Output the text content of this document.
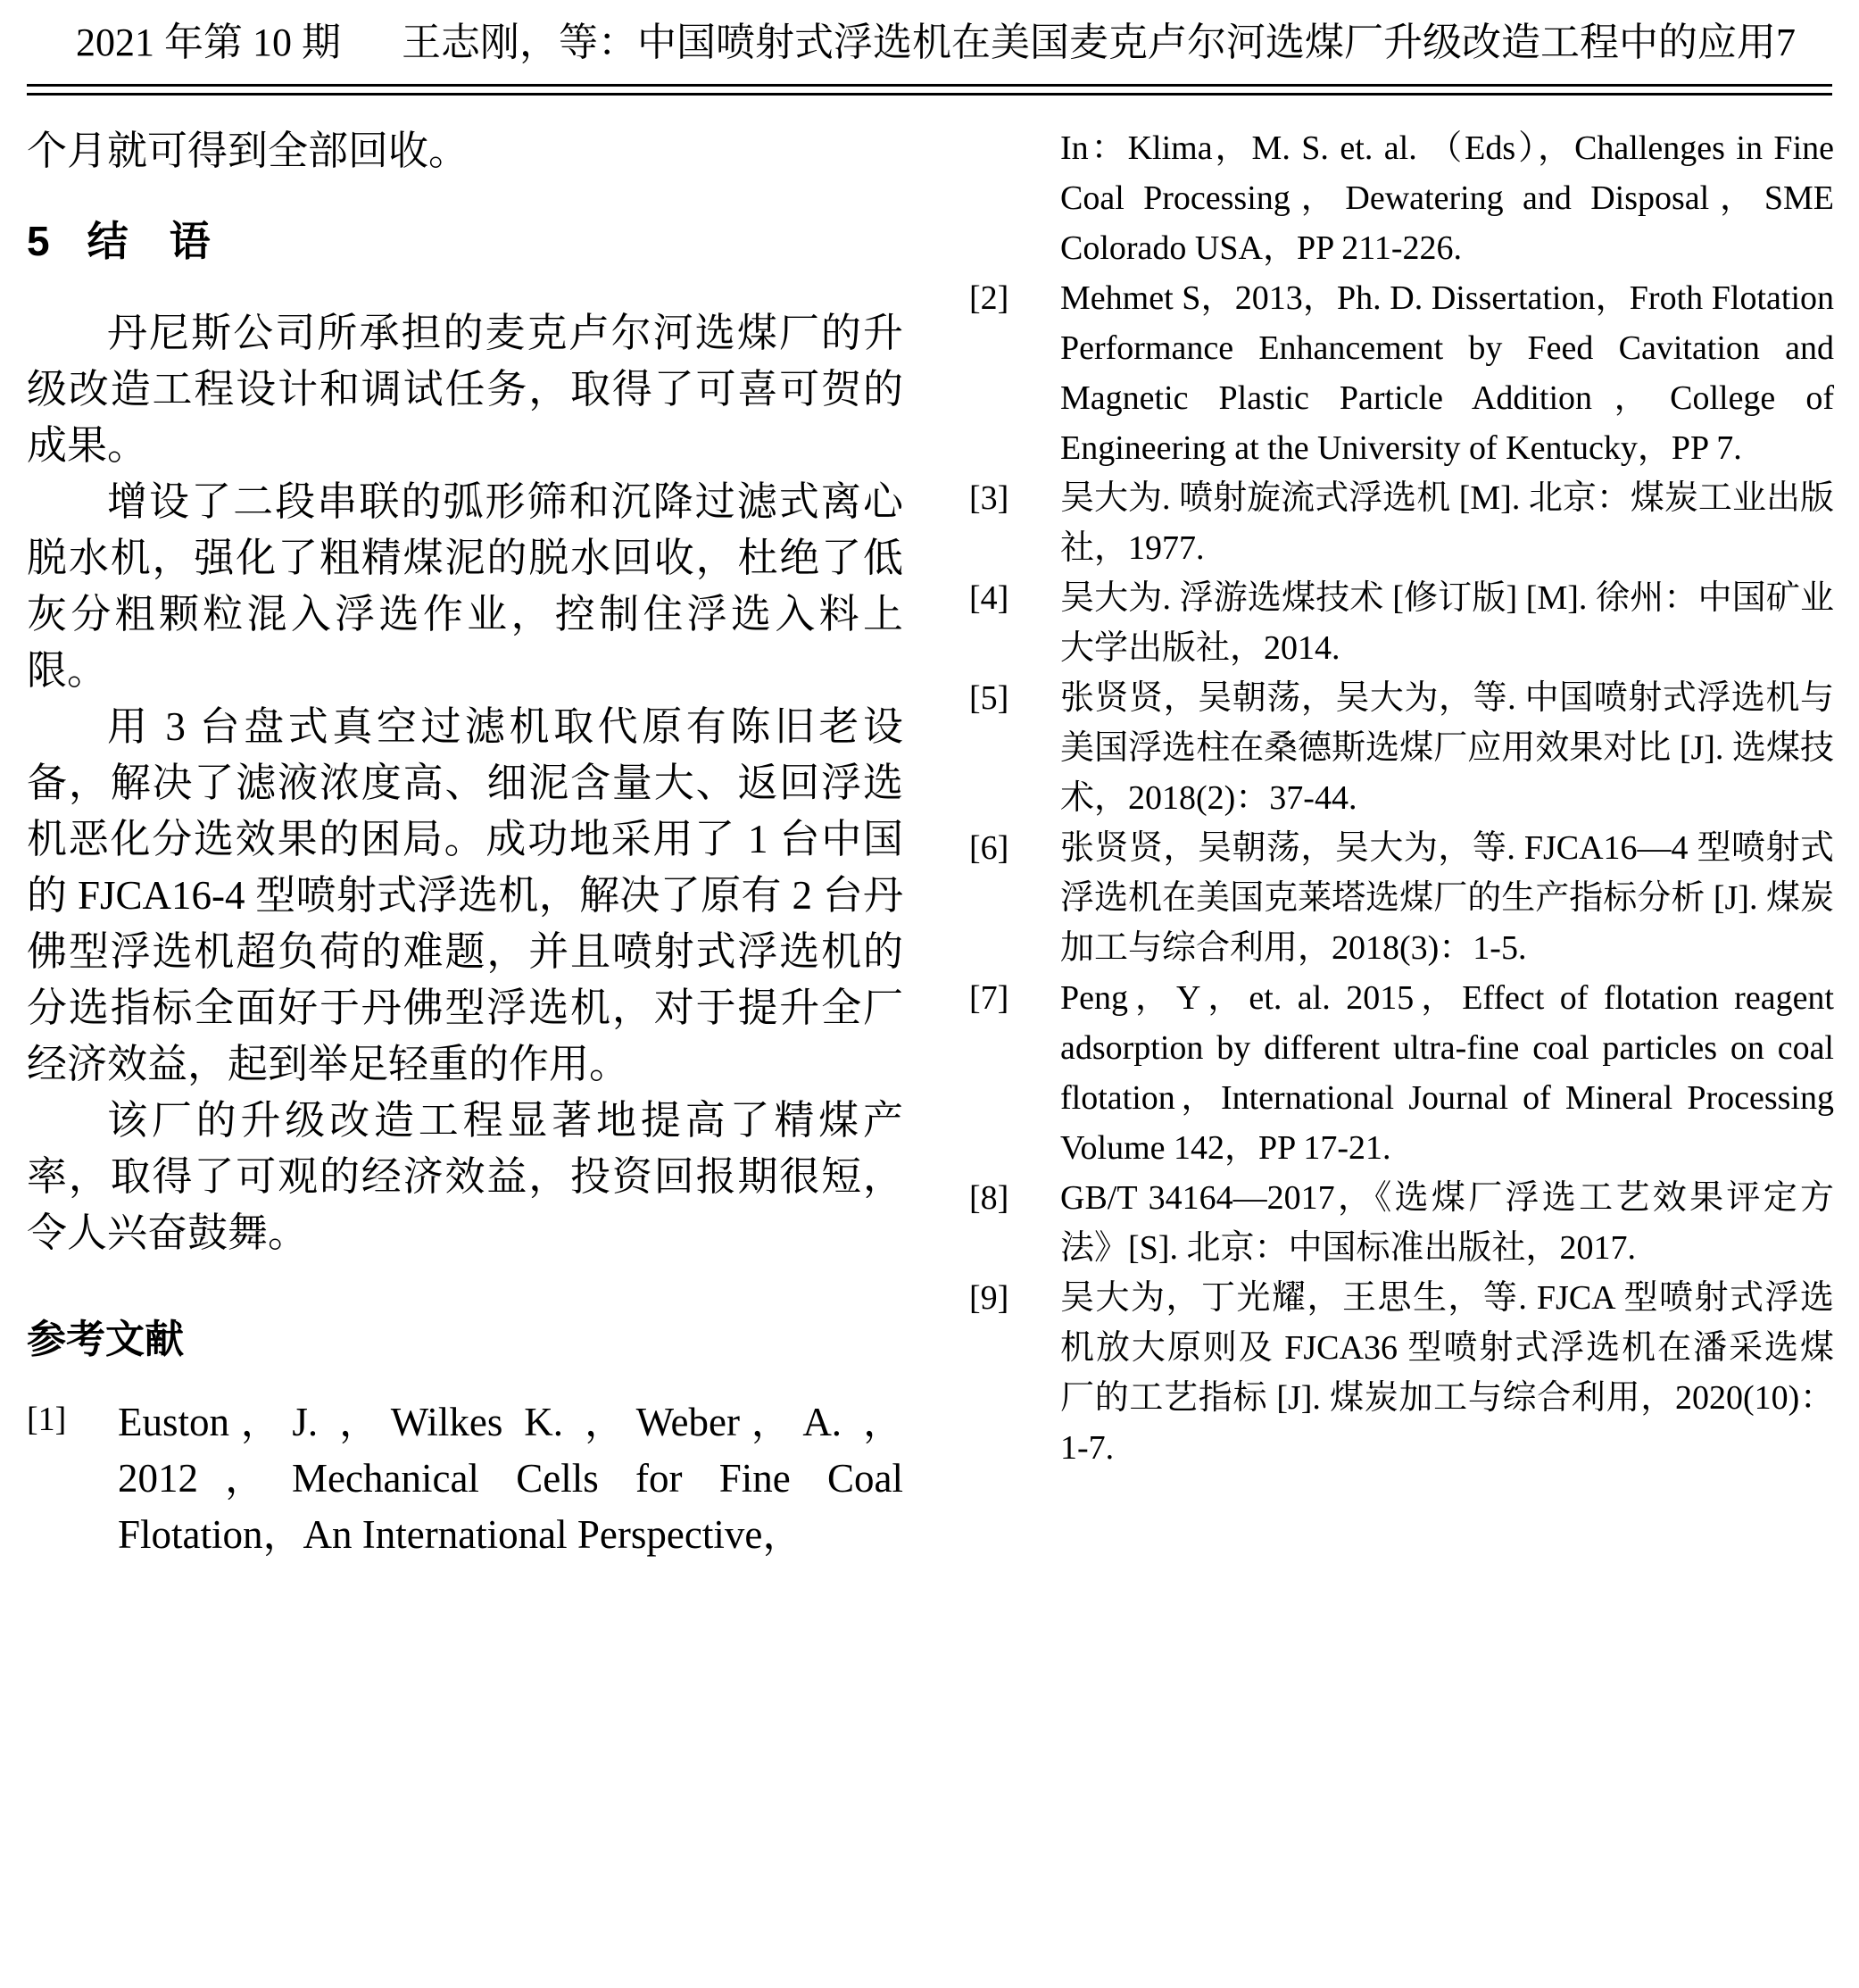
2021 年第 10 期 王志刚，等：中国喷射式浮选机在美国麦克卢尔河选煤厂升级改造工程中的应用 7

个月就可得到全部回收。

5 结　语

丹尼斯公司所承担的麦克卢尔河选煤厂的升级改造工程设计和调试任务，取得了可喜可贺的成果。

增设了二段串联的弧形筛和沉降过滤式离心脱水机，强化了粗精煤泥的脱水回收，杜绝了低灰分粗颗粒混入浮选作业，控制住浮选入料上限。

用 3 台盘式真空过滤机取代原有陈旧老设备，解决了滤液浓度高、细泥含量大、返回浮选机恶化分选效果的困局。成功地采用了 1 台中国的 FJCA16-4 型喷射式浮选机，解决了原有 2 台丹佛型浮选机超负荷的难题，并且喷射式浮选机的分选指标全面好于丹佛型浮选机，对于提升全厂经济效益，起到举足轻重的作用。

该厂的升级改造工程显著地提高了精煤产率，取得了可观的经济效益，投资回报期很短，令人兴奋鼓舞。

参考文献
[1]	Euston，J. ，Wilkes K. ，Weber，A. ，2012，Mechanical Cells for Fine Coal Flotation，An International Perspective，

In：Klima，M. S. et. al. （Eds），Challenges in Fine Coal Processing，Dewatering and Disposal，SME Colorado USA，PP 211-226.

[2]	Mehmet S，2013，Ph. D. Dissertation，Froth Flotation Performance Enhancement by Feed Cavitation and Magnetic Plastic Particle Addition，College of Engineering at the University of Kentucky，PP 7.

[3]	吴大为. 喷射旋流式浮选机 [M]. 北京：煤炭工业出版社，1977.

[4]	吴大为. 浮游选煤技术 [修订版] [M]. 徐州：中国矿业大学出版社，2014.

[5]	张贤贤，吴朝荡，吴大为，等. 中国喷射式浮选机与美国浮选柱在桑德斯选煤厂应用效果对比 [J]. 选煤技术，2018(2)：37-44.

[6]	张贤贤，吴朝荡，吴大为，等. FJCA16—4 型喷射式浮选机在美国克莱塔选煤厂的生产指标分析 [J]. 煤炭加工与综合利用，2018(3)：1-5.

[7]	Peng，Y，et. al. 2015，Effect of flotation reagent adsorption by different ultra-fine coal particles on coal flotation，International Journal of Mineral Processing Volume 142，PP 17-21.

[8]	GB/T 34164—2017，《选煤厂浮选工艺效果评定方法》[S]. 北京：中国标准出版社，2017.

[9]	吴大为，丁光耀，王思生，等. FJCA 型喷射式浮选机放大原则及 FJCA36 型喷射式浮选机在潘采选煤厂的工艺指标 [J]. 煤炭加工与综合利用，2020(10)：1-7.
